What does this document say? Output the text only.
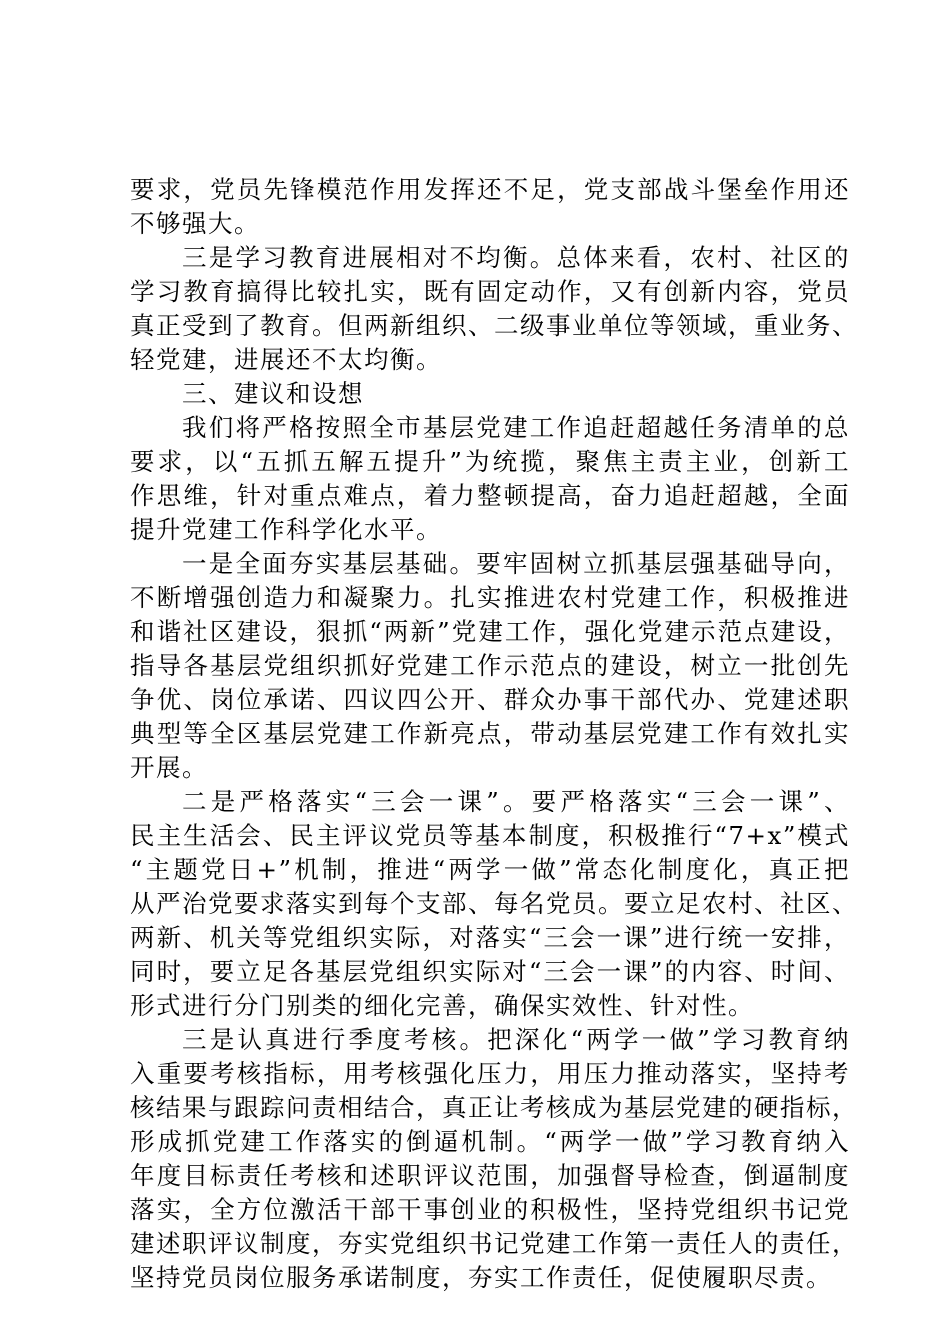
要求，党员先锋模范作用发挥还不足，党支部战斗堡垒作用还
不够强大。
三是学习教育进展相对不均衡。总体来看，农村、社区的
学习教育搞得比较扎实，既有固定动作，又有创新内容，党员
真正受到了教育。但两新组织、二级事业单位等领域，重业务、
轻党建，进展还不太均衡。
三、建议和设想
我们将严格按照全市基层党建工作追赶超越任务清单的总
要求，以“五抓五解五提升”为统揽，聚焦主责主业，创新工
作思维，针对重点难点，着力整顿提高，奋力追赶超越，全面
提升党建工作科学化水平。
一是全面夯实基层基础。要牢固树立抓基层强基础导向，
不断增强创造力和凝聚力。扎实推进农村党建工作，积极推进
和谐社区建设，狠抓“两新”党建工作，强化党建示范点建设，
指导各基层党组织抓好党建工作示范点的建设，树立一批创先
争优、岗位承诺、四议四公开、群众办事干部代办、党建述职
典型等全区基层党建工作新亮点，带动基层党建工作有效扎实
开展。
二是严格落实“三会一课”。要严格落实“三会一课”、
民主生活会、民主评议党员等基本制度，积极推行“7+x”模式
“主题党日+”机制，推进“两学一做”常态化制度化，真正把
从严治党要求落实到每个支部、每名党员。要立足农村、社区、
两新、机关等党组织实际，对落实“三会一课”进行统一安排，
同时，要立足各基层党组织实际对“三会一课”的内容、时间、
形式进行分门别类的细化完善，确保实效性、针对性。
三是认真进行季度考核。把深化“两学一做”学习教育纳
入重要考核指标，用考核强化压力，用压力推动落实，坚持考
核结果与跟踪问责相结合，真正让考核成为基层党建的硬指标，
形成抓党建工作落实的倒逼机制。“两学一做”学习教育纳入
年度目标责任考核和述职评议范围，加强督导检查，倒逼制度
落实，全方位激活干部干事创业的积极性，坚持党组织书记党
建述职评议制度，夯实党组织书记党建工作第一责任人的责任，
坚持党员岗位服务承诺制度，夯实工作责任，促使履职尽责。
